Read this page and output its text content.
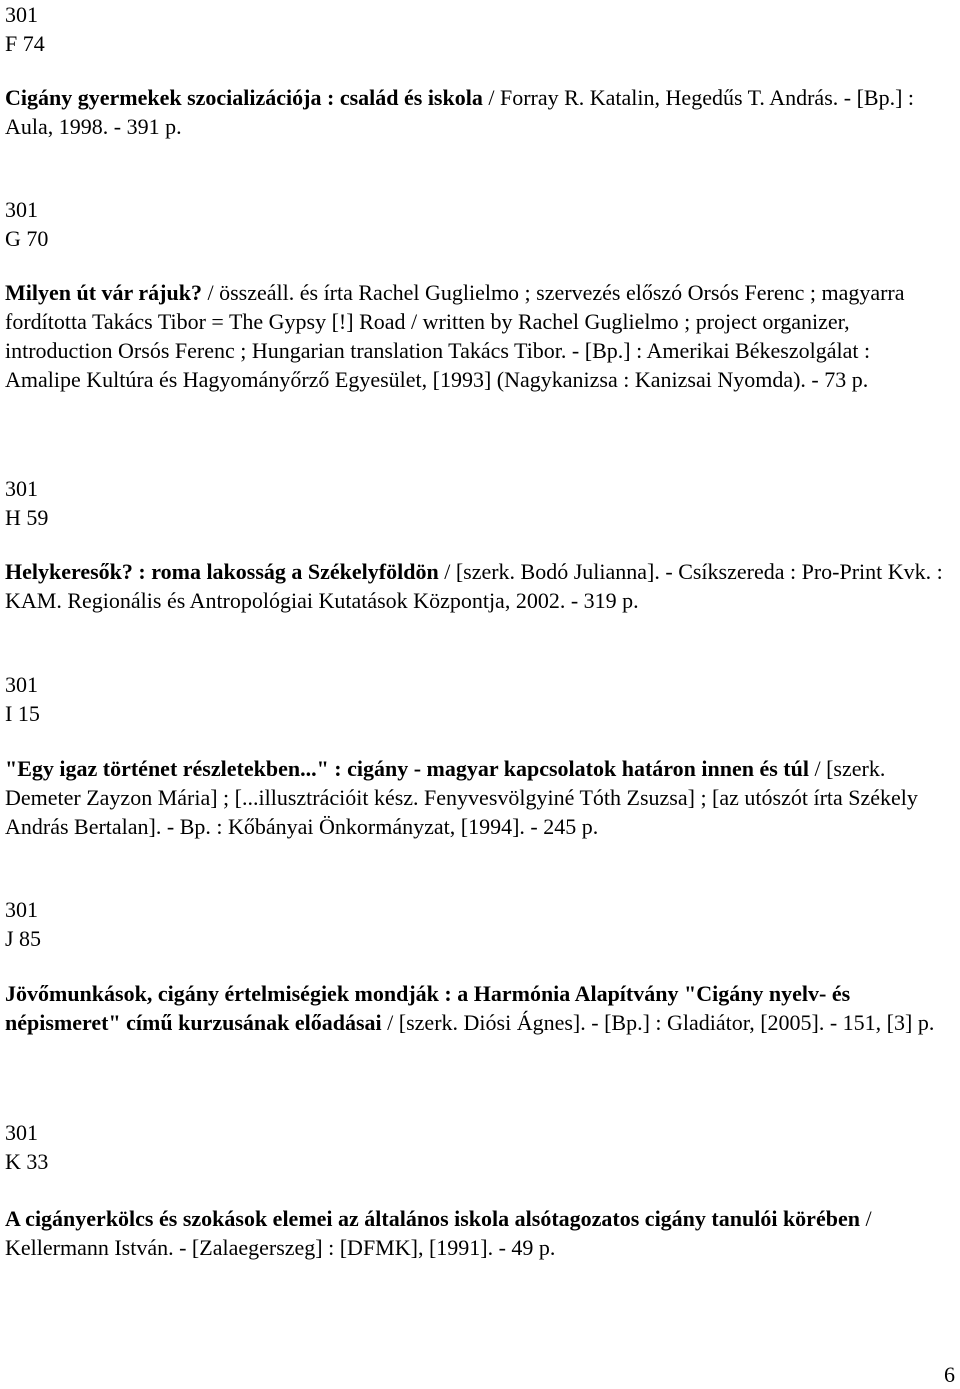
301

F 74

Cigány gyermekek szocializációja : család és iskola / Forray R. Katalin, Hegedűs T. András. - [Bp.] : Aula, 1998. - 391 p.

301

G 70

Milyen út vár rájuk? / összeáll. és írta Rachel Guglielmo ; szervezés előszó Orsós Ferenc ; magyarra fordította Takács Tibor = The Gypsy [!] Road / written by Rachel Guglielmo ; project organizer, introduction Orsós Ferenc ; Hungarian translation Takács Tibor. - [Bp.] : Amerikai Békeszolgálat : Amalipe Kultúra és Hagyományőrző Egyesület, [1993] (Nagykanizsa : Kanizsai Nyomda). - 73 p.

301

H 59

Helykeresők? : roma lakosság a Székelyföldön / [szerk. Bodó Julianna]. - Csíkszereda : Pro-Print Kvk. : KAM. Regionális és Antropológiai Kutatások Központja, 2002. - 319 p.

301

I 15

"Egy igaz történet részletekben..." : cigány - magyar kapcsolatok határon innen és túl / [szerk. Demeter Zayzon Mária] ; [...illusztrációit kész. Fenyvesvölgyiné Tóth Zsuzsa] ; [az utószót írta Székely András Bertalan]. - Bp. : Kőbányai Önkormányzat, [1994]. - 245 p.

301

J 85

Jövőmunkások, cigány értelmiségiek mondják : a Harmónia Alapítvány "Cigány nyelv- és népismeret" című kurzusának előadásai / [szerk. Diósi Ágnes]. - [Bp.] : Gladiátor, [2005]. - 151, [3] p.

301

K 33

A cigányerkölcs és szokások elemei az általános iskola alsótagozatos cigány tanulói körében / Kellermann István. - [Zalaegerszeg] : [DFMK], [1991]. - 49 p.

6
